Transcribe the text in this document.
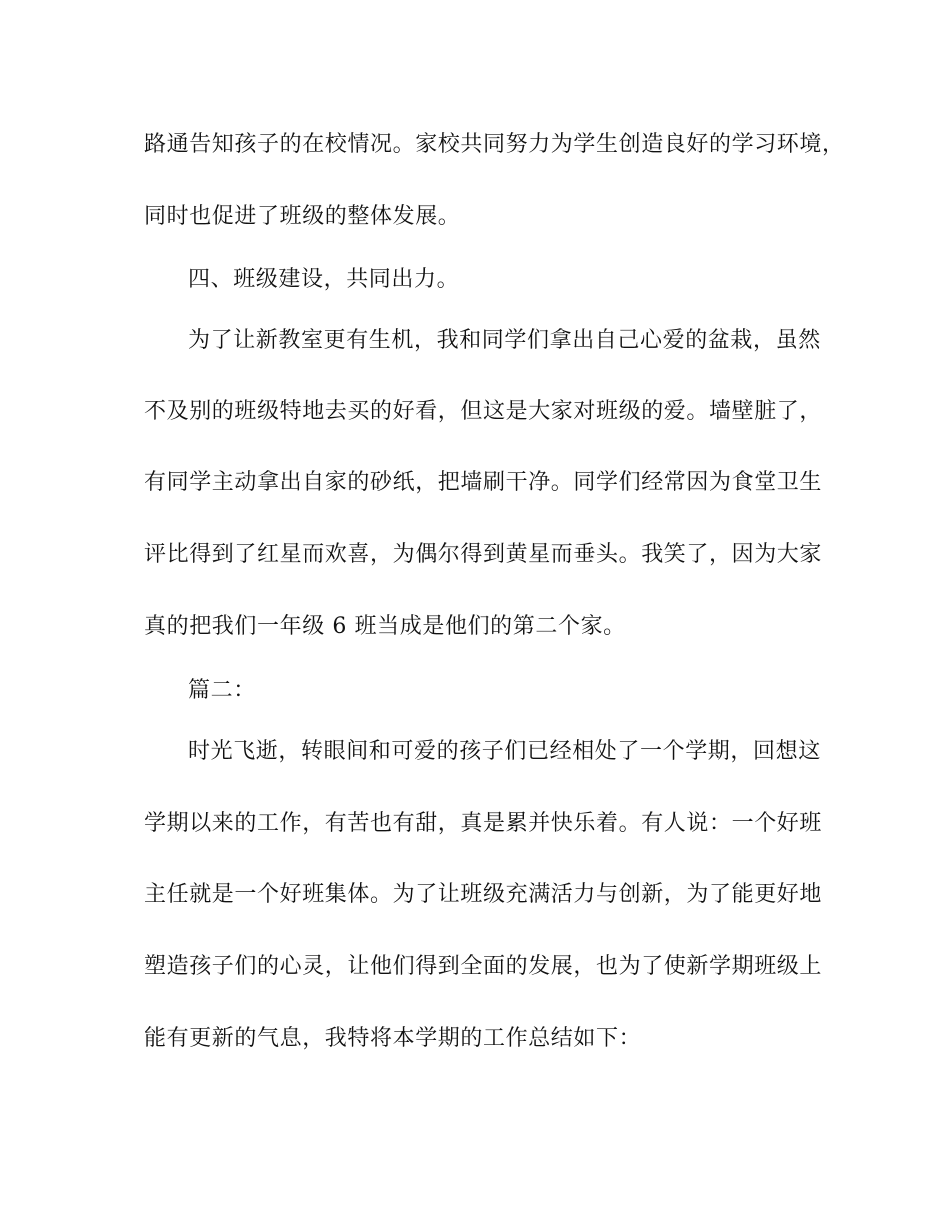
路通告知孩子的在校情况。家校共同努力为学生创造良好的学习环境，
同时也促进了班级的整体发展。
四、班级建设，共同出力。
为了让新教室更有生机，我和同学们拿出自己心爱的盆栽，虽然
不及别的班级特地去买的好看，但这是大家对班级的爱。墙壁脏了，
有同学主动拿出自家的砂纸，把墙刷干净。同学们经常因为食堂卫生
评比得到了红星而欢喜，为偶尔得到黄星而垂头。我笑了，因为大家
真的把我们一年级 6 班当成是他们的第二个家。
篇二：
时光飞逝，转眼间和可爱的孩子们已经相处了一个学期，回想这
学期以来的工作，有苦也有甜，真是累并快乐着。有人说：一个好班
主任就是一个好班集体。为了让班级充满活力与创新，为了能更好地
塑造孩子们的心灵，让他们得到全面的发展，也为了使新学期班级上
能有更新的气息，我特将本学期的工作总结如下：
